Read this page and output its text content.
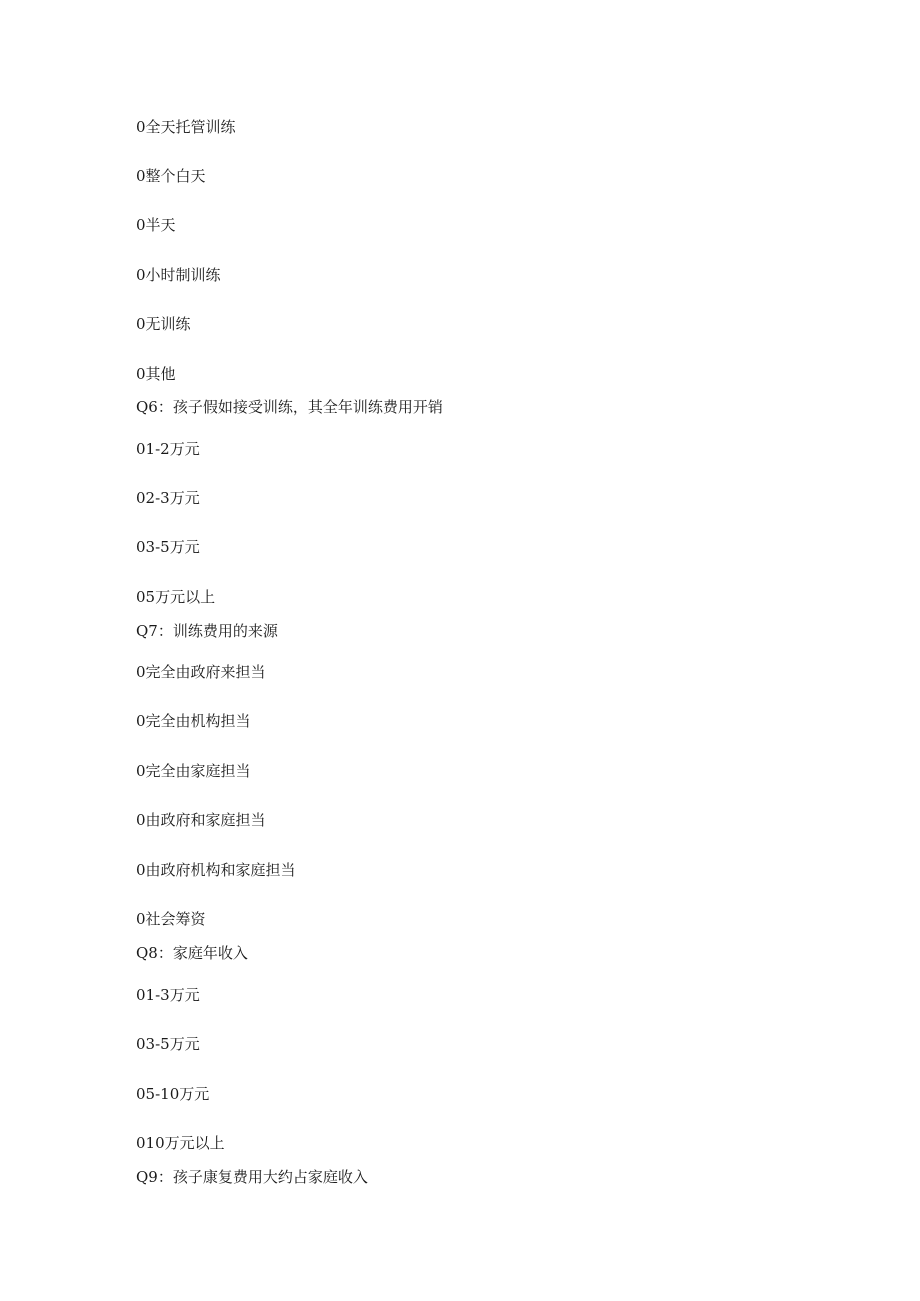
0全天托管训练
0整个白天
0半天
0小时制训练
0无训练
0其他
Q6：孩子假如接受训练，其全年训练费用开销
01-2万元
02-3万元
03-5万元
05万元以上
Q7：训练费用的来源
0完全由政府来担当
0完全由机构担当
0完全由家庭担当
0由政府和家庭担当
0由政府机构和家庭担当
0社会筹资
Q8：家庭年收入
01-3万元
03-5万元
05-10万元
010万元以上
Q9：孩子康复费用大约占家庭收入
